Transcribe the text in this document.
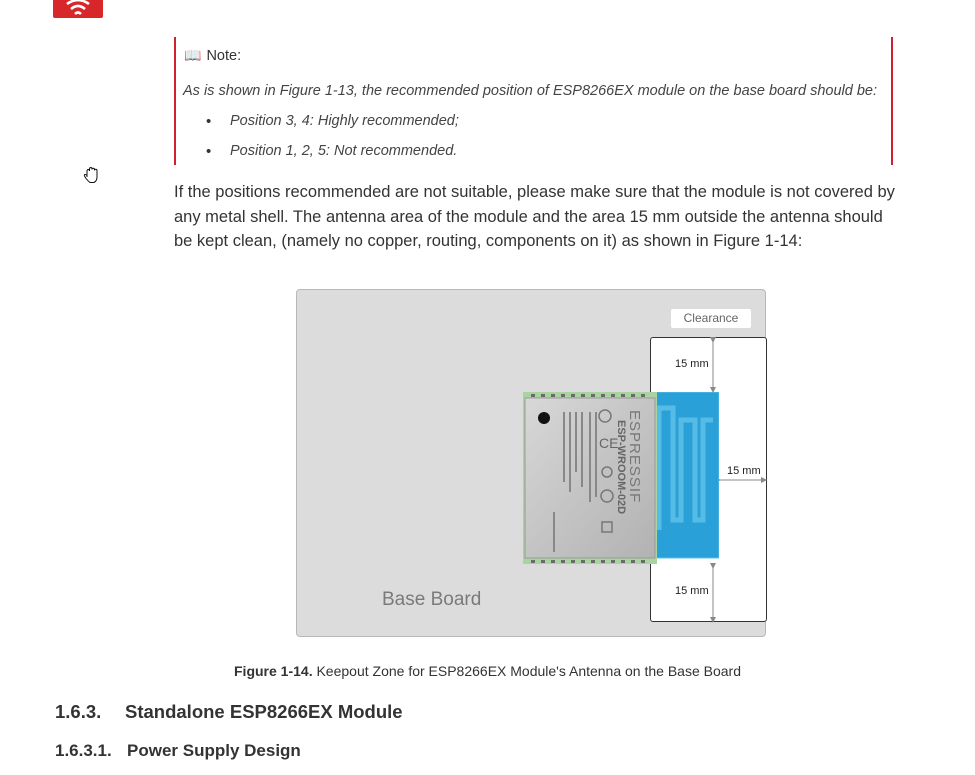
📖 Note:
As is shown in Figure 1-13, the recommended position of ESP8266EX module on the base board should be:
• Position 3, 4: Highly recommended;
• Position 1, 2, 5: Not recommended.
If the positions recommended are not suitable, please make sure that the module is not covered by any metal shell. The antenna area of the module and the area 15 mm outside the antenna should be kept clean, (namely no copper, routing, components on it) as shown in Figure 1-14:
Clearance
15 mm
15 mm
15 mm
CE ESPRESSIF
ESP-WROOM-02D
Base Board
Figure 1-14. Keepout Zone for ESP8266EX Module's Antenna on the Base Board
1.6.3. Standalone ESP8266EX Module
1.6.3.1. Power Supply Design
